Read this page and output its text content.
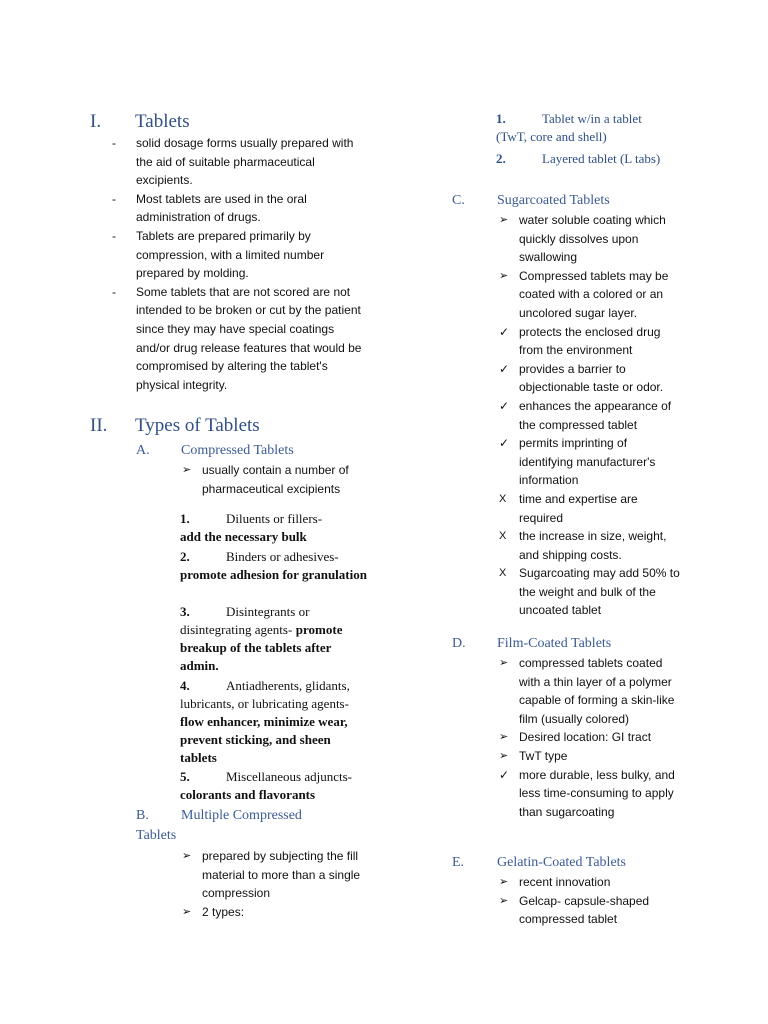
I. Tablets
- solid dosage forms usually prepared with the aid of suitable pharmaceutical excipients.
- Most tablets are used in the oral administration of drugs.
- Tablets are prepared primarily by compression, with a limited number prepared by molding.
- Some tablets that are not scored are not intended to be broken or cut by the patient since they may have special coatings and/or drug release features that would be compromised by altering the tablet's physical integrity.
II. Types of Tablets
A. Compressed Tablets
➢ usually contain a number of pharmaceutical excipients
1.	Diluents or fillers-
add the necessary bulk
2.	Binders or adhesives-
promote adhesion for granulation
3.	Disintegrants or disintegrating agents- promote breakup of the tablets after admin.
4.	Antiadherents, glidants, lubricants, or lubricating agents- flow enhancer, minimize wear, prevent sticking, and sheen tablets
5.	Miscellaneous adjuncts-
colorants and flavorants
B.	Multiple Compressed Tablets
➢ prepared by subjecting the fill material to more than a single compression
➢ 2 types:
1.	Tablet w/in a tablet (TwT, core and shell)
2.	Layered tablet (L tabs)
C. Sugarcoated Tablets
➢ water soluble coating which quickly dissolves upon swallowing
➢ Compressed tablets may be coated with a colored or an uncolored sugar layer.
✓ protects the enclosed drug from the environment
✓ provides a barrier to objectionable taste or odor.
✓ enhances the appearance of the compressed tablet
✓ permits imprinting of identifying manufacturer's information
X time and expertise are required
X the increase in size, weight, and shipping costs.
X Sugarcoating may add 50% to the weight and bulk of the uncoated tablet
D. Film-Coated Tablets
➢ compressed tablets coated with a thin layer of a polymer capable of forming a skin-like film (usually colored)
➢ Desired location: GI tract
➢ TwT type
✓ more durable, less bulky, and less time-consuming to apply than sugarcoating
E. Gelatin-Coated Tablets
➢ recent innovation
➢ Gelcap- capsule-shaped compressed tablet
